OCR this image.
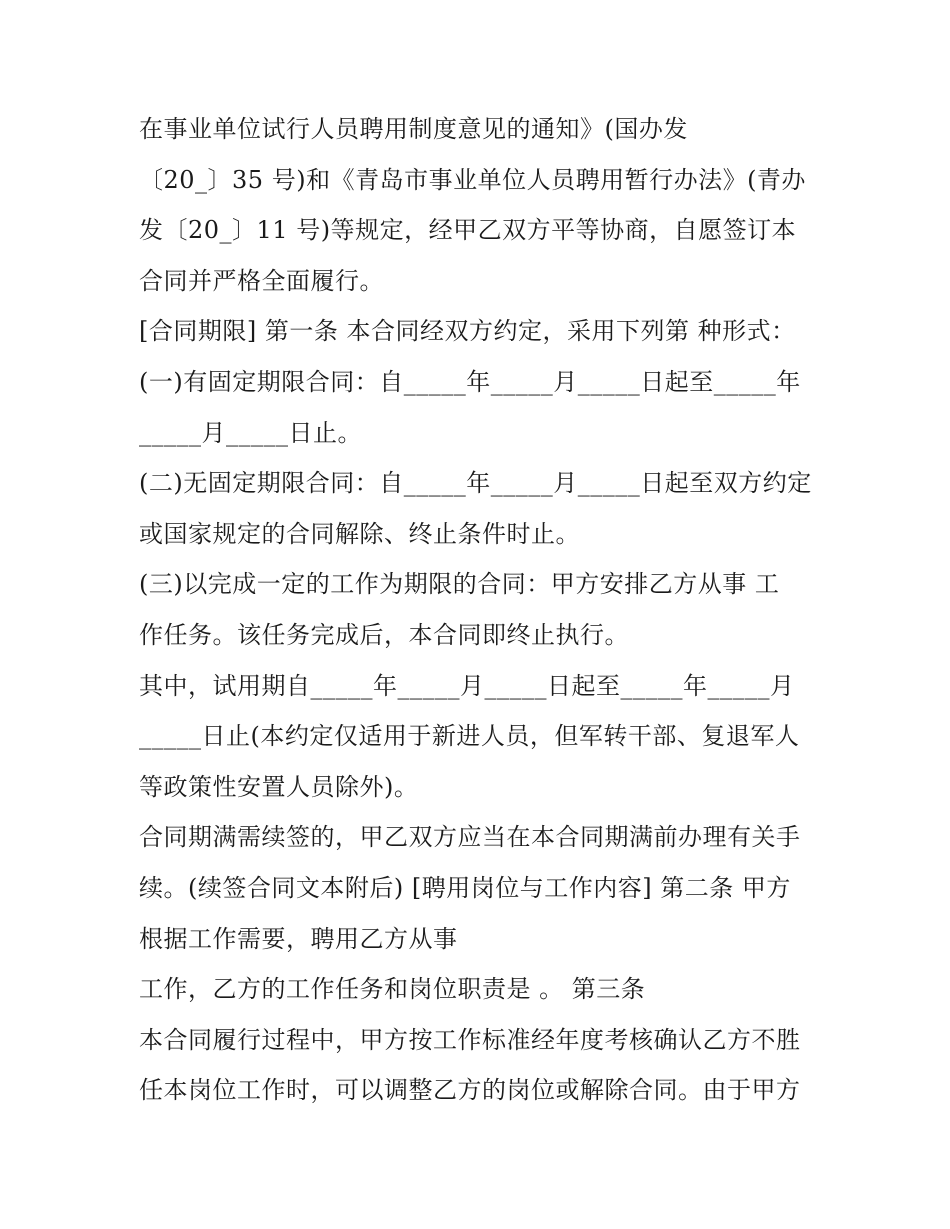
在事业单位试行人员聘用制度意见的通知》(国办发
〔20_〕35 号)和《青岛市事业单位人员聘用暂行办法》(青办
发〔20_〕11 号)等规定，经甲乙双方平等协商，自愿签订本
合同并严格全面履行。
[合同期限] 第一条 本合同经双方约定，采用下列第 种形式：
(一)有固定期限合同：自_____年_____月_____日起至_____年
_____月_____日止。
(二)无固定期限合同：自_____年_____月_____日起至双方约定
或国家规定的合同解除、终止条件时止。
(三)以完成一定的工作为期限的合同：甲方安排乙方从事 工
作任务。该任务完成后，本合同即终止执行。
其中，试用期自_____年_____月_____日起至_____年_____月
_____日止(本约定仅适用于新进人员，但军转干部、复退军人
等政策性安置人员除外)。
合同期满需续签的，甲乙双方应当在本合同期满前办理有关手
续。(续签合同文本附后) [聘用岗位与工作内容] 第二条 甲方
根据工作需要，聘用乙方从事
工作，乙方的工作任务和岗位职责是 。 第三条
本合同履行过程中，甲方按工作标准经年度考核确认乙方不胜
任本岗位工作时，可以调整乙方的岗位或解除合同。由于甲方
